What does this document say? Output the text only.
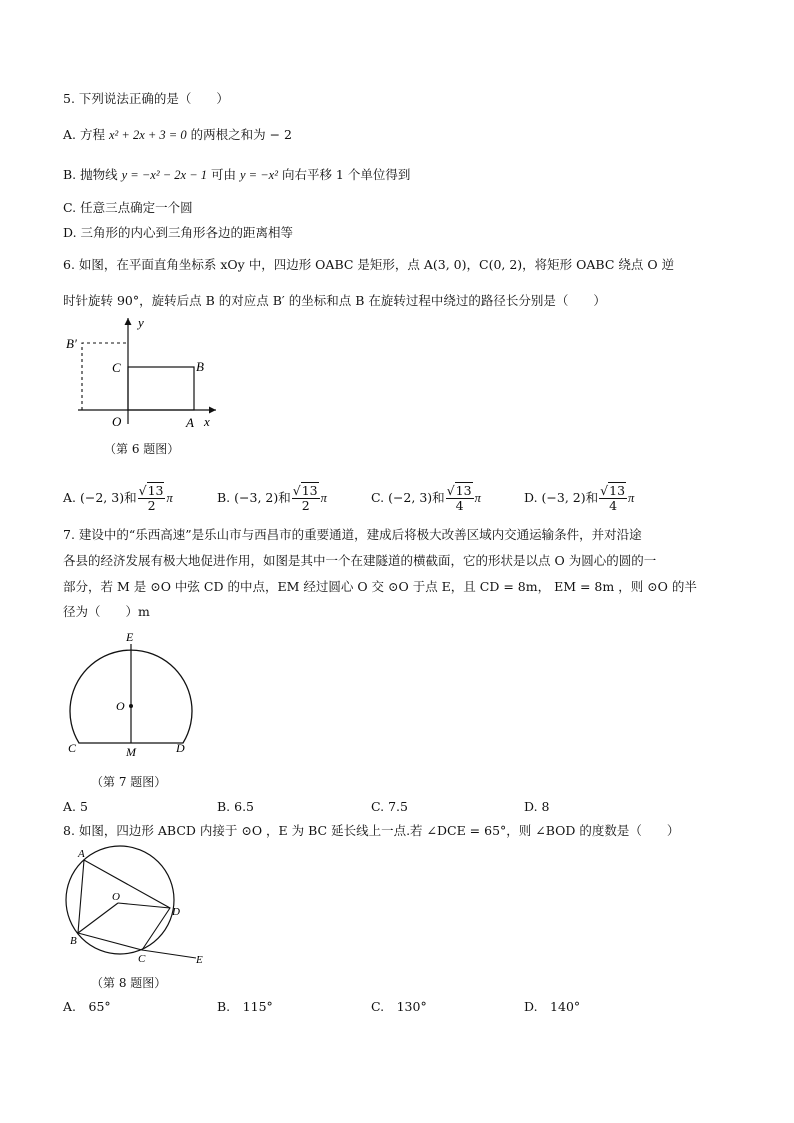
5. 下列说法正确的是（　　）
A. 方程 x² + 2x + 3 = 0 的两根之和为 − 2
B. 抛物线 y = −x² − 2x − 1 可由 y = −x² 向右平移 1 个单位得到
C. 任意三点确定一个圆
D. 三角形的内心到三角形各边的距离相等
6. 如图，在平面直角坐标系 xOy 中，四边形 OABC 是矩形，点 A(3, 0)，C(0, 2)，将矩形 OABC 绕点 O 逆
时针旋转 90°，旋转后点 B 的对应点 B′ 的坐标和点 B 在旋转过程中绕过的路径长分别是（　　）
y
x
O	A
B
C
B′
（第 6 题图）
A. (−2, 3)和 $\frac{√13}{2}$ π	B. (−3, 2)和 $\frac{√13}{2}$ π	C. (−2, 3)和 $\frac{√13}{4}$ π	D. (−3, 2)和 $\frac{√13}{4}$ π
7. 建设中的“乐西高速”是乐山市与西昌市的重要通道，建成后将极大改善区域内交通运输条件，并对沿途
各县的经济发展有极大地促进作用，如图是其中一个在建隧道的横截面，它的形状是以点 O 为圆心的圆的一
部分，若 M 是 ⊙O 中弦 CD 的中点，EM 经过圆心 O 交 ⊙O 于点 E，且 CD = 8m， EM = 8m ，则 ⊙O 的半
径为（　　）m
E
O
C	M	D
（第 7 题图）
A. 5	B. 6.5	C. 7.5	D. 8
8. 如图，四边形 ABCD 内接于 ⊙O ，E 为 BC 延长线上一点.若 ∠DCE = 65°，则 ∠BOD 的度数是（　　）
A
O
D
B
C	E
（第 8 题图）
A.　65°	B.　115°	C.　130°	D.　140°
